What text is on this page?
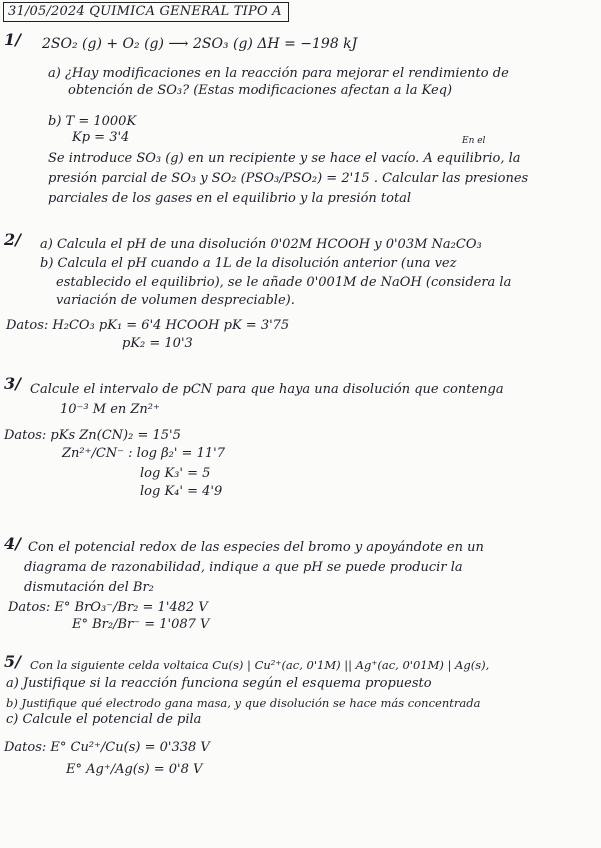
31/05/2024 QUIMICA GENERAL TIPO A
1/ 2SO₂ (g) + O₂ (g) ⟶ 2SO₃ (g) ΔH = −198 kJ
a) ¿Hay modificaciones en la reacción para mejorar el rendimiento de
obtención de SO₃? (Estas modificaciones afectan a la Keq)
b) T = 1000K
Kp = 3'4	En el
Se introduce SO₃ (g) en un recipiente y se hace el vacío. A equilibrio, la
presión parcial de SO₃ y SO₂ (PSO₃/PSO₂) = 2'15 . Calcular las presiones
parciales de los gases en el equilibrio y la presión total
2/ a) Calcula el pH de una disolución 0'02M HCOOH y 0'03M Na₂CO₃
b) Calcula el pH cuando a 1L de la disolución anterior (una vez
establecido el equilibrio), se le añade 0'001M de NaOH (considera la
variación de volumen despreciable).
Datos: H₂CO₃ pK₁ = 6'4 HCOOH pK = 3'75
pK₂ = 10'3
3/ Calcule el intervalo de pCN para que haya una disolución que contenga
10⁻³ M en Zn²⁺
Datos: pKs Zn(CN)₂ = 15'5
Zn²⁺/CN⁻ : log β₂' = 11'7
log K₃' = 5
log K₄' = 4'9
4/ Con el potencial redox de las especies del bromo y apoyándote en un
diagrama de razonabilidad, indique a que pH se puede producir la
dismutación del Br₂
Datos: E° BrO₃⁻/Br₂ = 1'482 V
E° Br₂/Br⁻ = 1'087 V
5/ Con la siguiente celda voltaica Cu(s) | Cu²⁺(ac, 0'1M) || Ag⁺(ac, 0'01M) | Ag(s),
a) Justifique si la reacción funciona según el esquema propuesto
b) Justifique qué electrodo gana masa, y que disolución se hace más concentrada
c) Calcule el potencial de pila
Datos: E° Cu²⁺/Cu(s) = 0'338 V
E° Ag⁺/Ag(s) = 0'8 V
